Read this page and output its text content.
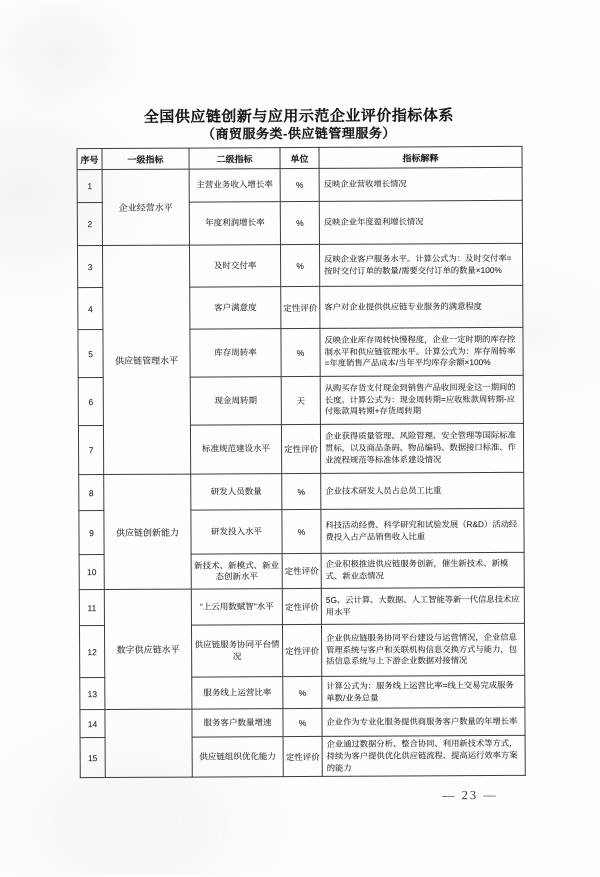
全国供应链创新与应用示范企业评价指标体系
（商贸服务类-供应链管理服务）
序号	一级指标	二级指标	单位	指标解释
1	企业经营水平	主营业务收入增长率	%	反映企业营收增长情况
2		年度利润增长率	%	反映企业年度盈利增长情况
3	供应链管理水平	及时交付率	%	反映企业客户服务水平。计算公式为：及时交付率=按时交付订单的数量/需要交付订单的数量×100%
4		客户满意度	定性评价	客户对企业提供供应链专业服务的满意程度
5		库存周转率	%	反映企业库存周转快慢程度，企业一定时期的库存控制水平和供应链管理水平。计算公式为：库存周转率=年度销售产品成本/当年平均库存余额×100%
6		现金周转期	天	从购买存货支付现金到销售产品收回现金这一期间的长度。计算公式为：现金周转期=应收账款周转期-应付账款周转期+存货周转期
7		标准规范建设水平	定性评价	企业获得质量管理、风险管理、安全管理等国际标准贯标，以及商品条码、物品编码、数据接口标准、作业流程规范等标准体系建设情况
8	供应链创新能力	研发人员数量	%	企业技术研发人员占总员工比重
9		研发投入水平	%	科技活动经费、科学研究和试验发展（R&D）活动经费投入占产品销售收入比重
10		新技术、新模式、新业态创新水平	定性评价	企业积极推进供应链服务创新，催生新技术、新模式、新业态情况
11	数字供应链水平	“上云用数赋智”水平	定性评价	5G、云计算、大数据、人工智能等新一代信息技术应用水平
12		供应链服务协同平台情况	定性评价	企业供应链服务协同平台建设与运营情况，企业信息管理系统与客户和关联机构信息交换方式与能力，包括信息系统与上下游企业数据对接情况
13		服务线上运营比率	%	计算公式为：服务线上运营比率=线上交易完成服务单数/业务总量
14		服务客户数量增速	%	企业作为专业化服务提供商服务客户数量的年增长率
15		供应链组织优化能力	定性评价	企业通过数据分析、整合协同、利用新技术等方式，持续为客户提供优化供应链流程、提高运行效率方案的能力
— 23 —
